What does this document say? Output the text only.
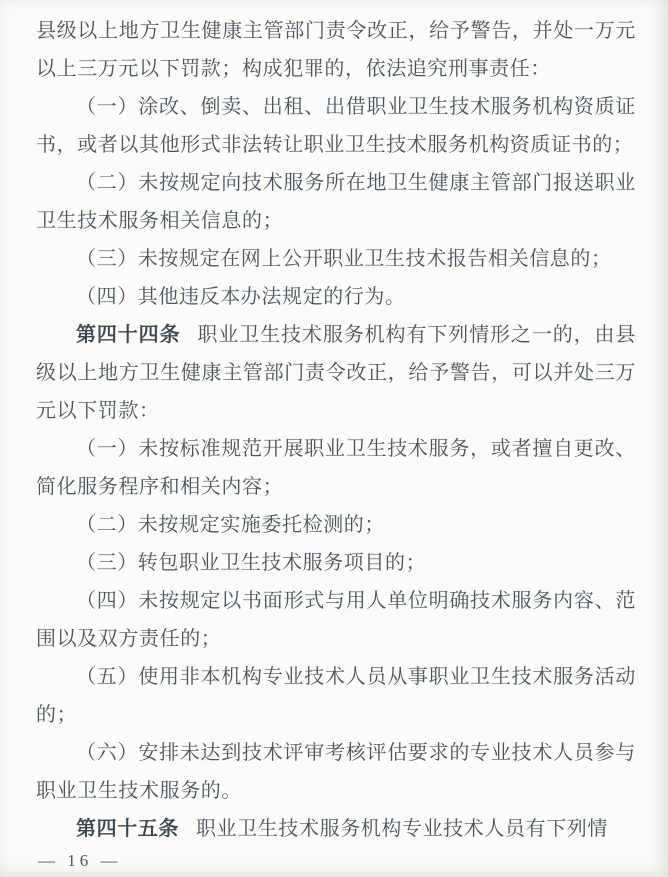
县级以上地方卫生健康主管部门责令改正，给予警告，并处一万元以上三万元以下罚款；构成犯罪的，依法追究刑事责任：

（一）涂改、倒卖、出租、出借职业卫生技术服务机构资质证书，或者以其他形式非法转让职业卫生技术服务机构资质证书的；

（二）未按规定向技术服务所在地卫生健康主管部门报送职业卫生技术服务相关信息的；

（三）未按规定在网上公开职业卫生技术报告相关信息的；

（四）其他违反本办法规定的行为。

第四十四条 职业卫生技术服务机构有下列情形之一的，由县级以上地方卫生健康主管部门责令改正，给予警告，可以并处三万元以下罚款：

（一）未按标准规范开展职业卫生技术服务，或者擅自更改、简化服务程序和相关内容；

（二）未按规定实施委托检测的；

（三）转包职业卫生技术服务项目的；

（四）未按规定以书面形式与用人单位明确技术服务内容、范围以及双方责任的；

（五）使用非本机构专业技术人员从事职业卫生技术服务活动的；

（六）安排未达到技术评审考核评估要求的专业技术人员参与职业卫生技术服务的。

第四十五条 职业卫生技术服务机构专业技术人员有下列情

— 16 —
